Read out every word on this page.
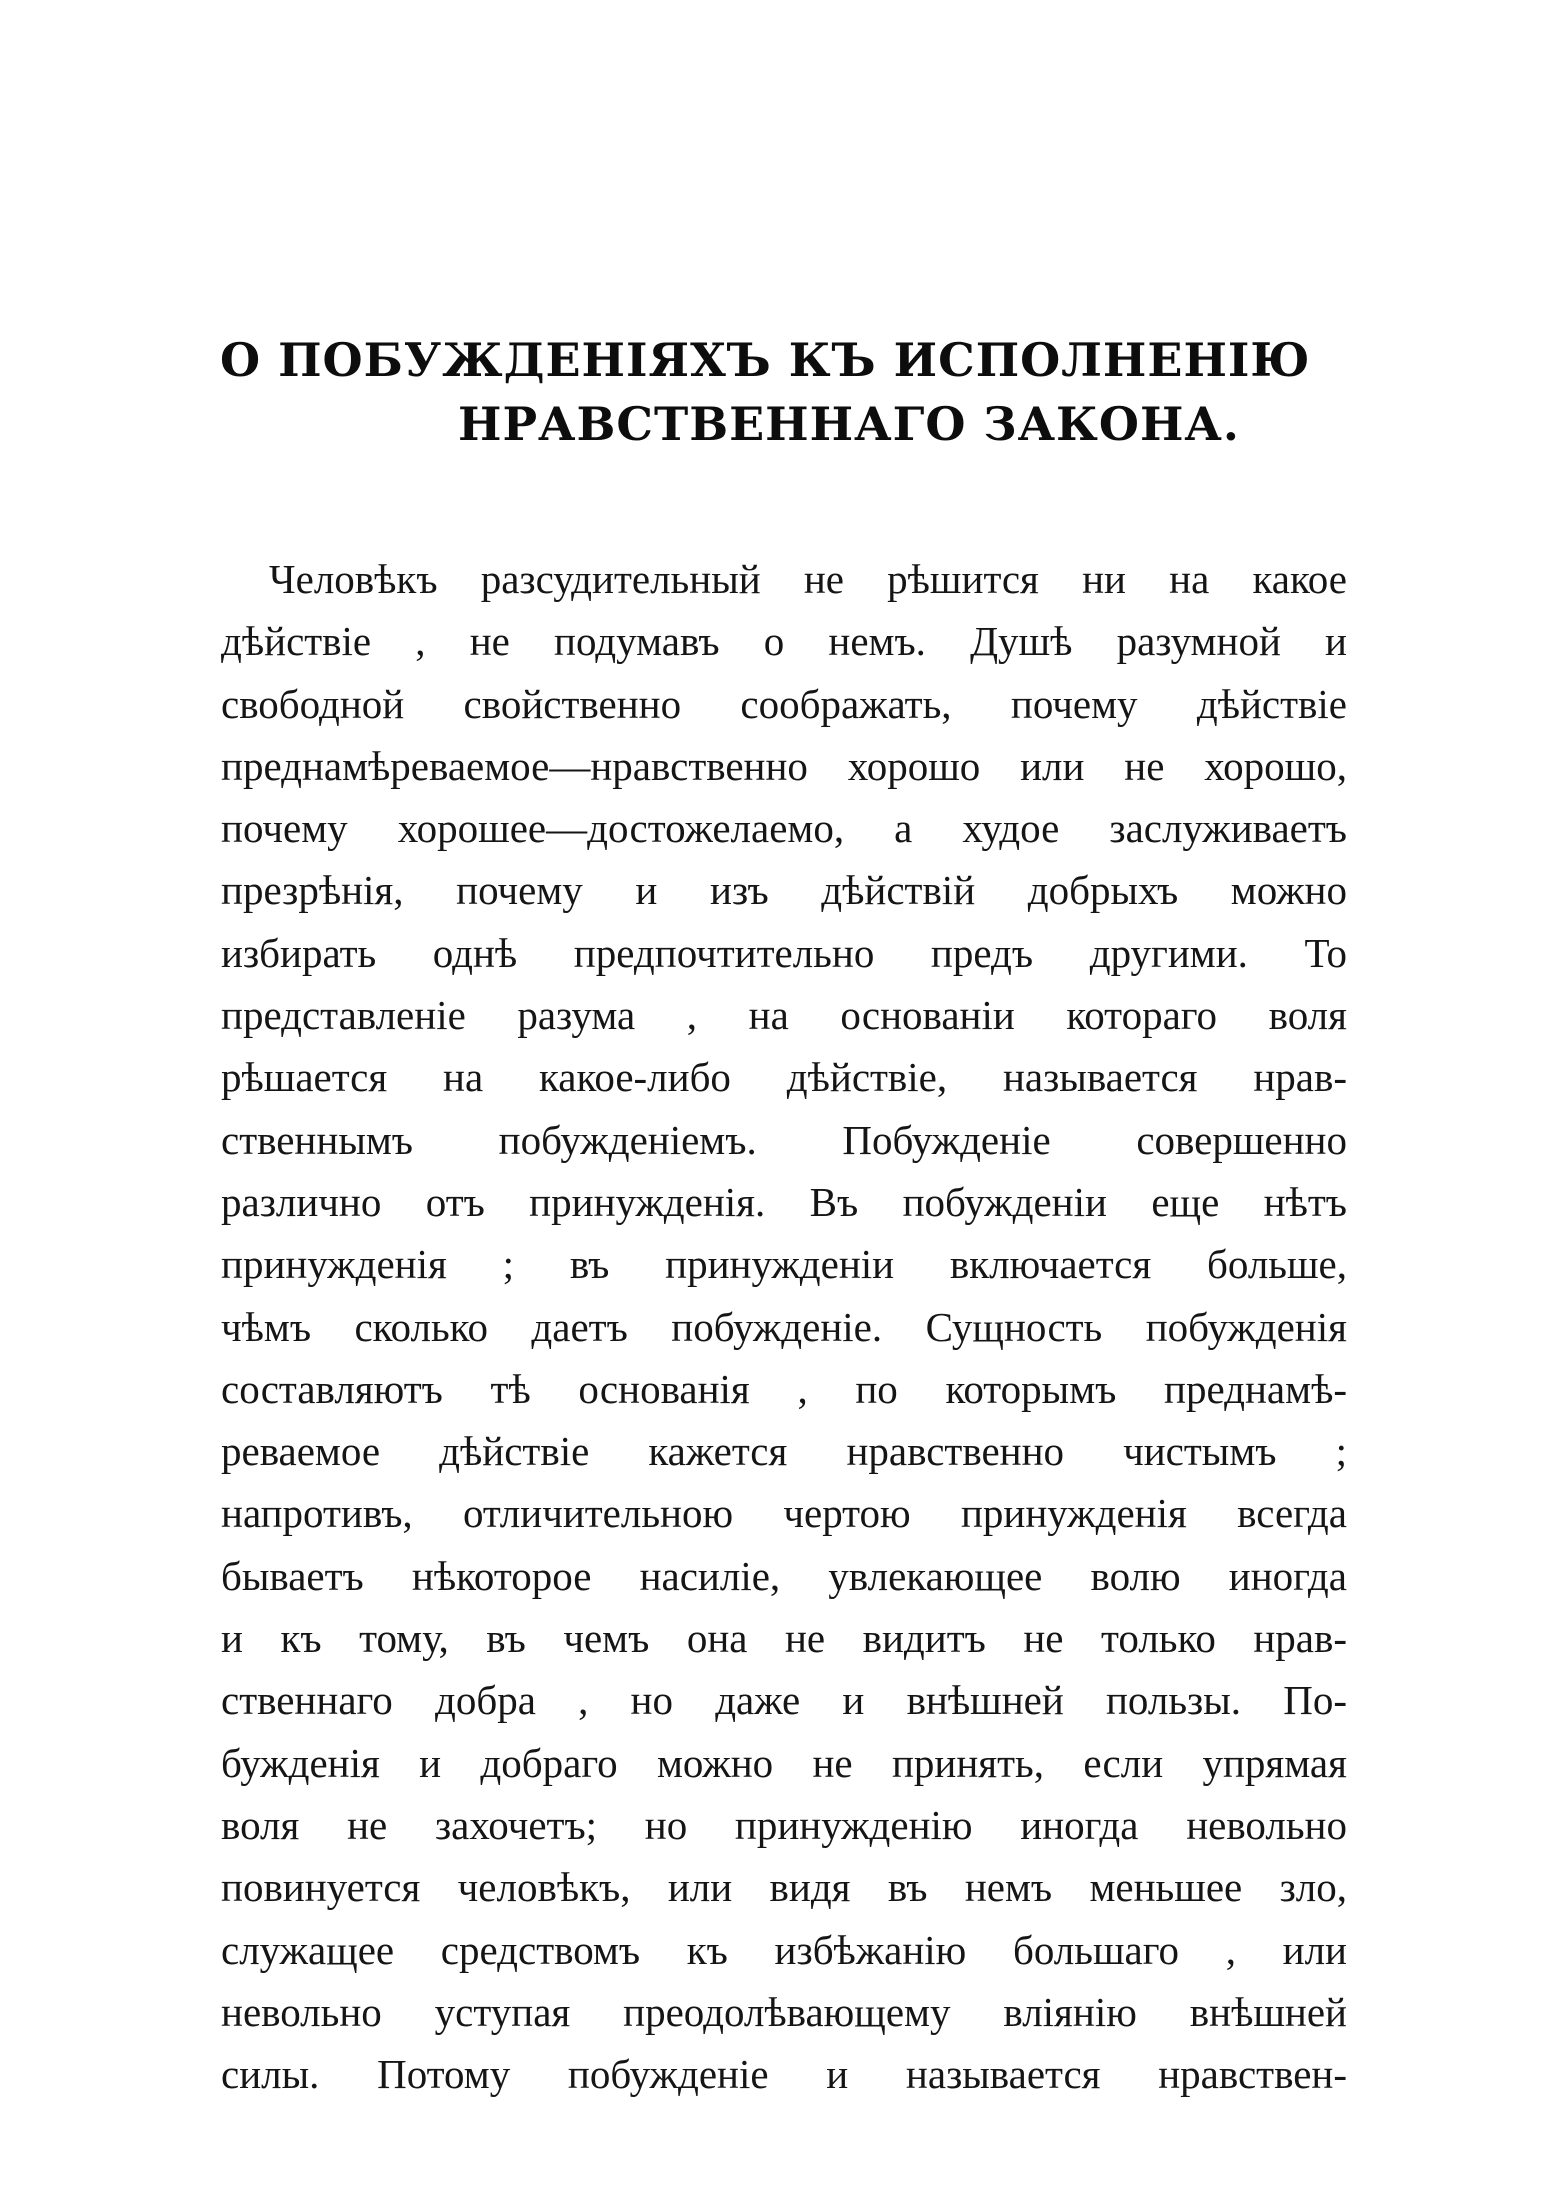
О ПОБУЖДЕНІЯХЪ КЪ ИСПОЛНЕНІЮ
НРАВСТВЕННАГО ЗАКОНА.
Человѣкъ разсудительный не рѣшится ни на какое
дѣйствіе , не подумавъ о немъ. Душѣ разумной и
свободной свойственно соображать, почему дѣйствіе
преднамѣреваемое—нравственно хорошо или не хорошо,
почему хорошее—достожелаемо, а худое заслуживаетъ
презрѣнія, почему и изъ дѣйствій добрыхъ можно
избирать однѣ предпочтительно предъ другими. То
представленіе разума , на основаніи котораго воля
рѣшается на какое-либо дѣйствіе, называется нрав-
ственнымъ побужденіемъ. Побужденіе совершенно
различно отъ принужденія. Въ побужденіи еще нѣтъ
принужденія ; въ принужденіи включается больше,
чѣмъ сколько даетъ побужденіе. Сущность побужденія
составляютъ тѣ основанія , по которымъ преднамѣ-
реваемое дѣйствіе кажется нравственно чистымъ ;
напротивъ, отличительною чертою принужденія всегда
бываетъ нѣкоторое насиліе, увлекающее волю иногда
и къ тому, въ чемъ она не видитъ не только нрав-
ственнаго добра , но даже и внѣшней пользы. По-
бужденія и добраго можно не принять, если упрямая
воля не захочетъ; но принужденію иногда невольно
повинуется человѣкъ, или видя въ немъ меньшее зло,
служащее средствомъ къ избѣжанію большаго , или
невольно уступая преодолѣвающему вліянію внѣшней
силы. Потому побужденіе и называется нравствен-
